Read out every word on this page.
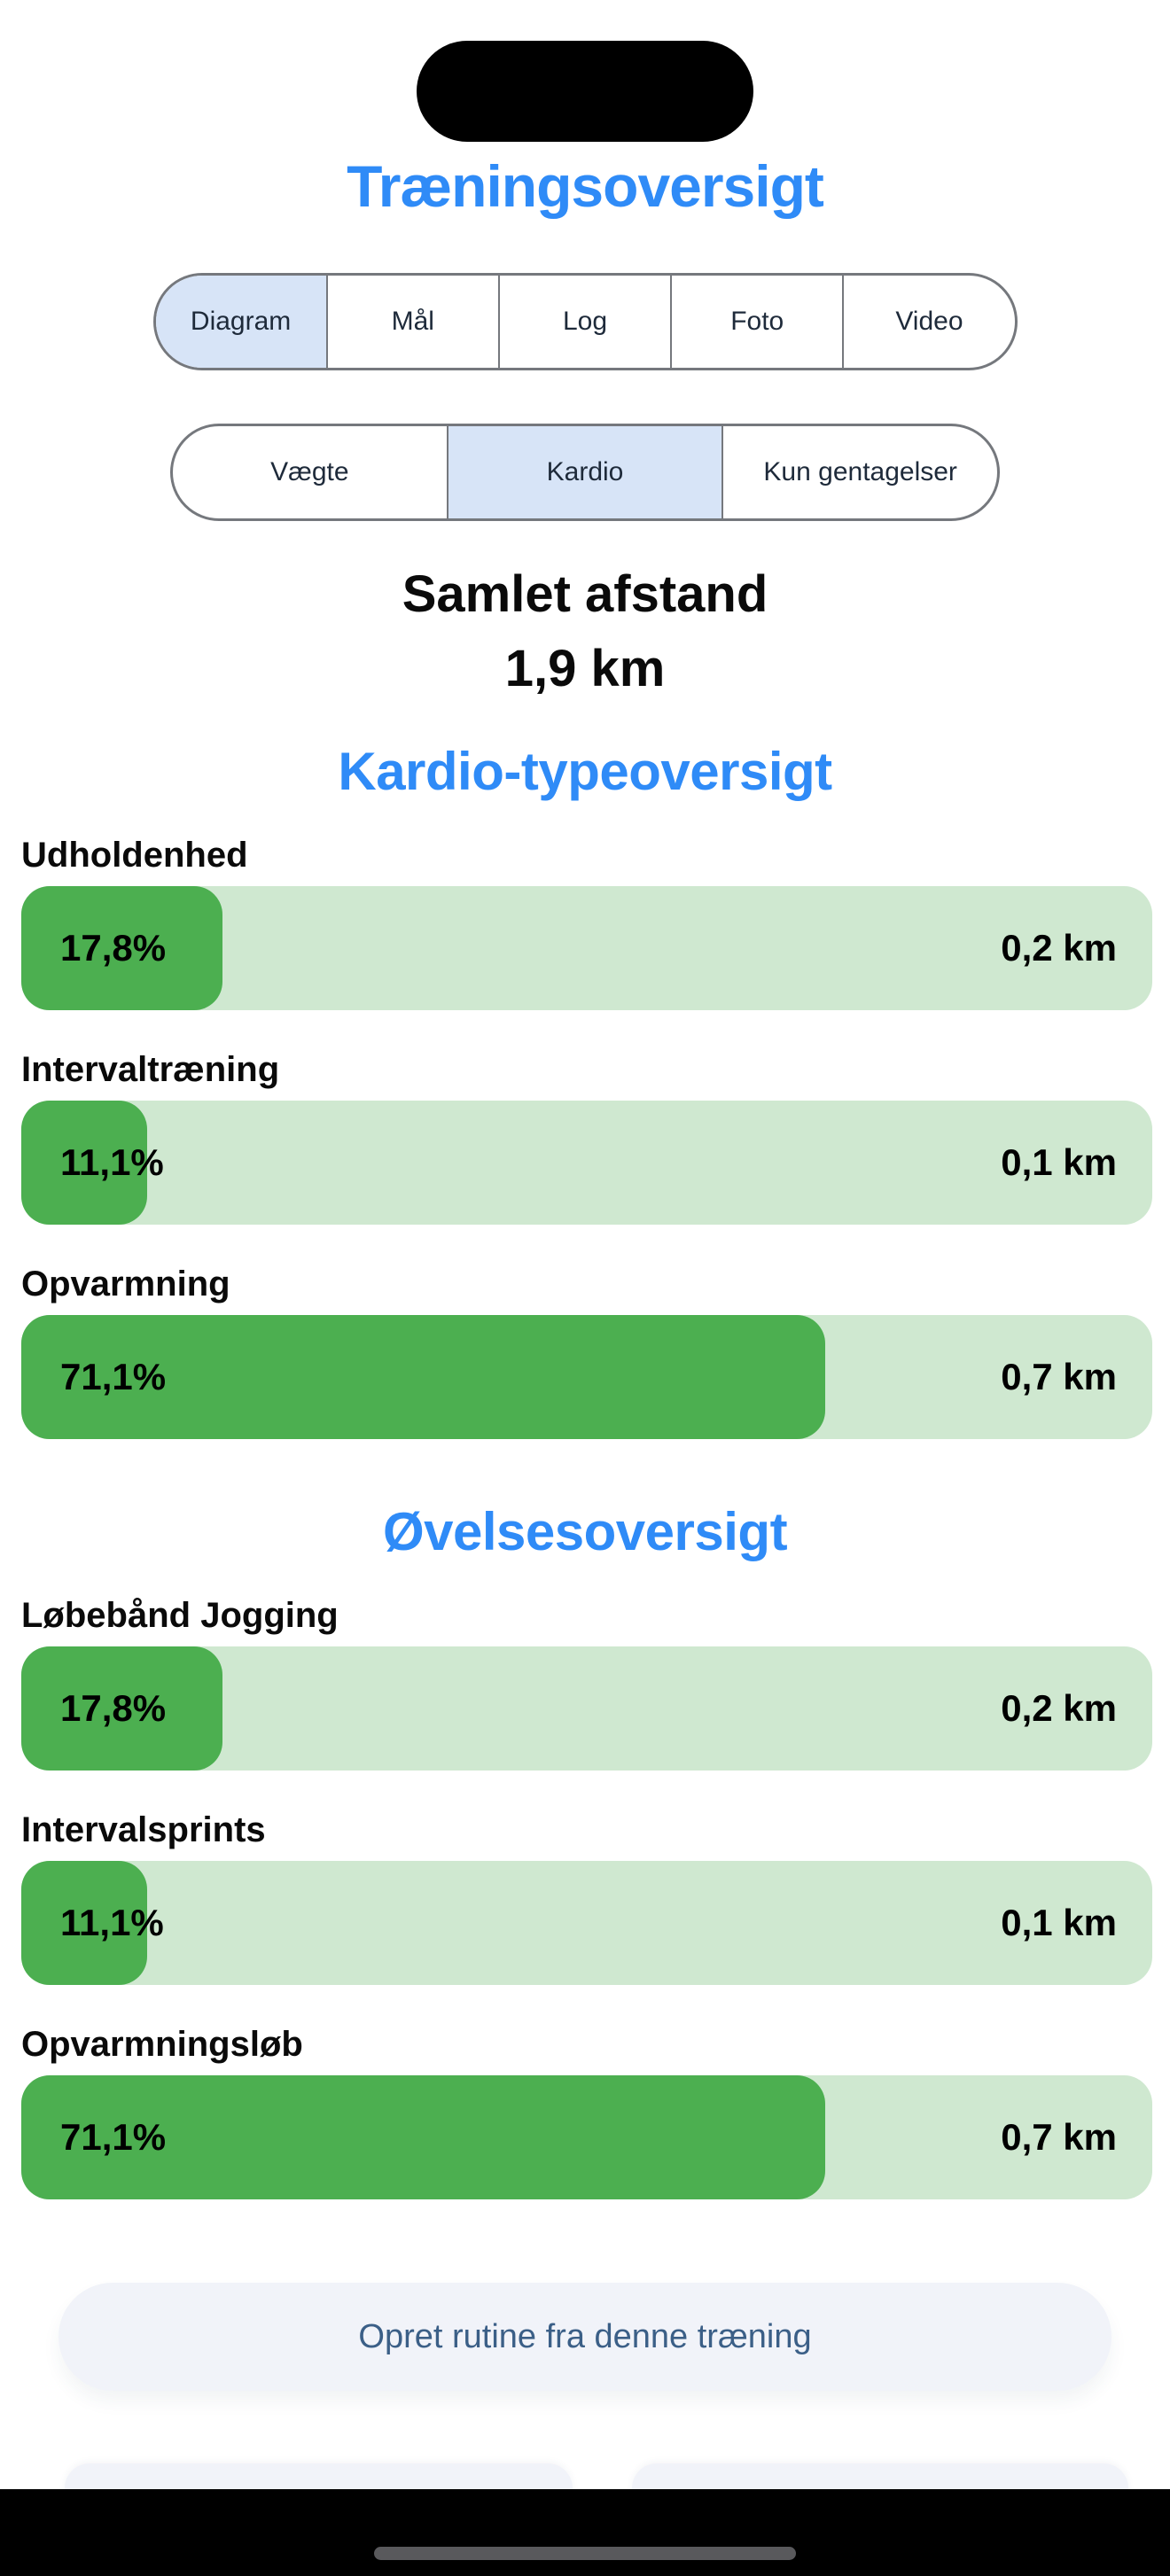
Træningsoversigt
Diagram	Mål	Log	Foto	Video
Vægte	Kardio	Kun gentagelser
Samlet afstand
1,9 km
Kardio-typeoversigt
Udholdenhed
17,8%	0,2 km
Intervaltræning
11,1%	0,1 km
Opvarmning
71,1%	0,7 km
Øvelsesoversigt
Løbebånd Jogging
17,8%	0,2 km
Intervalsprints
11,1%	0,1 km
Opvarmningsløb
71,1%	0,7 km
Opret rutine fra denne træning
